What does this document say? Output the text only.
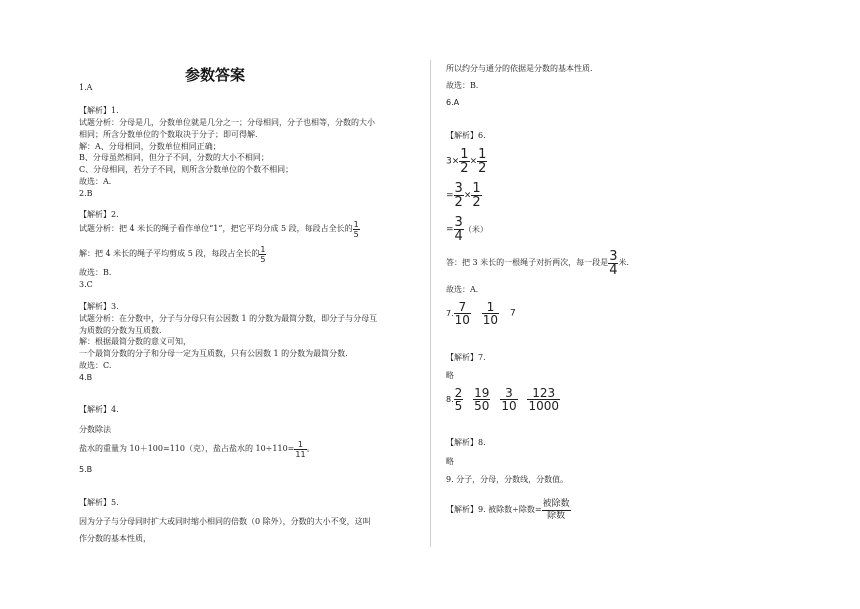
参数答案
1.A
【解析】1.
试题分析：分母是几，分数单位就是几分之一；分母相同，分子也相等，分数的大小
相同；所含分数单位的个数取决于分子；即可得解.
解：A、分母相同，分数单位相同正确；
B、分母虽然相同，但分子不同，分数的大小不相同；
C、分母相同，若分子不同，则所含分数单位的个数不相同；
故选：A.
2.B
【解析】2.
试题分析：把 4 米长的绳子看作单位“1”，把它平均分成 5 段，每段占全长的 $\frac{1}{5}$
解：把 4 米长的绳子平均剪成 5 段，每段占全长的 $\frac{1}{5}$
故选：B.
3.C
【解析】3.
试题分析：在分数中，分子与分母只有公因数 1 的分数为最简分数，即分子与分母互
为质数的分数为互质数.
解：根据最简分数的意义可知，
一个最简分数的分子和分母一定为互质数，只有公因数 1 的分数为最简分数.
故选：C.
4.B
【解析】4.
分数除法
盐水的重量为 10＋100=110（克），盐占盐水的 $10\div 110= \frac{1}{11}$ 。
5.B
【解析】5.
因为分子与分母同时扩大或同时缩小相同的倍数（0 除外），分数的大小不变，这叫
作分数的基本性质，
所以约分与通分的依据是分数的基本性质．
故选：B．
6.A
【解析】6.
$3\times \frac{1}{2} \times \frac{1}{2}$
= $\frac{3}{2} \times \frac{1}{2}$
= $\frac{3}{4}$ （米）
答：把 3 米长的一根绳子对折两次，每一段是 $\frac{3}{4}$ 米．
故选：A．
7. $\frac{7}{10}$
$\frac{1}{10} 7$
【解析】7.
略
8. $\frac{2}{5}$
$\frac{19}{50}$
$\frac{3}{10}$
$\frac{123}{1000}$
【解析】8.
略
9. 分子，分母，分数线，分数值。
【解析】9. 被除数÷除数= $\frac{\text{被除数}}{\text{除数}}$
